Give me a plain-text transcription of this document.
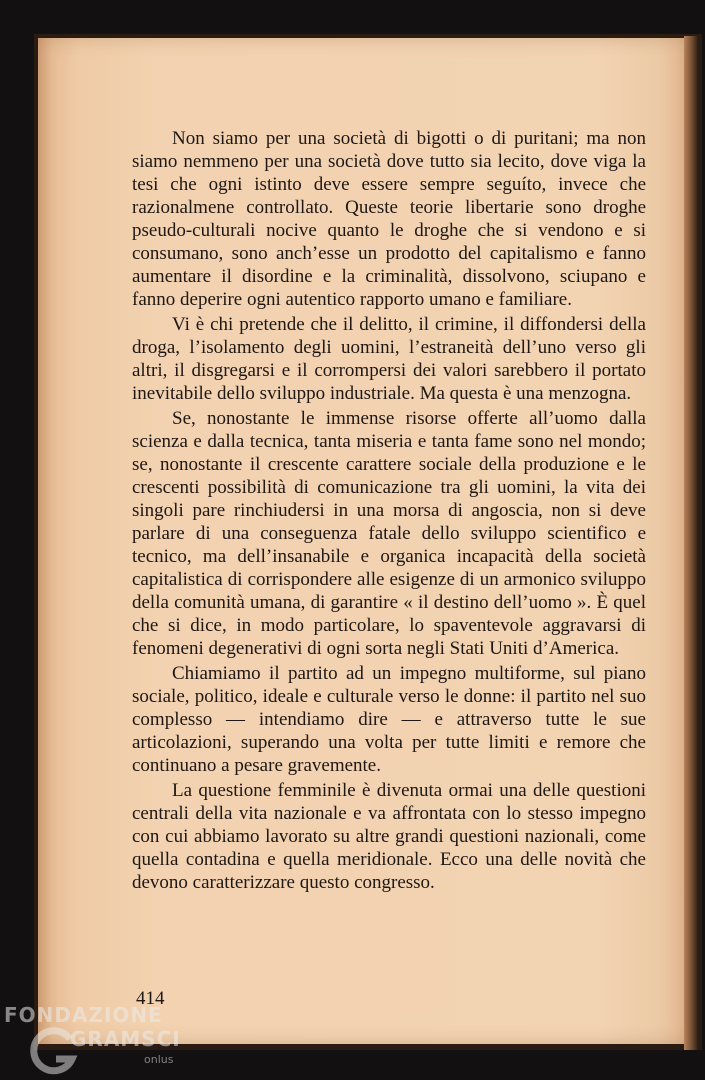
Non siamo per una società di bigotti o di puritani; ma non siamo nemmeno per una società dove tutto sia lecito, dove viga la tesi che ogni istinto deve essere sempre seguíto, invece che razionalmene controllato. Queste teorie libertarie sono droghe pseudo-culturali nocive quanto le droghe che si vendono e si consumano, sono anch’esse un prodotto del capitalismo e fanno aumentare il disordine e la criminalità, dissolvono, sciupano e fanno deperire ogni autentico rapporto umano e familiare.

Vi è chi pretende che il delitto, il crimine, il diffondersi della droga, l’isolamento degli uomini, l’estraneità dell’uno verso gli altri, il disgregarsi e il corrompersi dei valori sarebbero il portato inevitabile dello sviluppo industriale. Ma questa è una menzogna.

Se, nonostante le immense risorse offerte all’uomo dalla scienza e dalla tecnica, tanta miseria e tanta fame sono nel mondo; se, nonostante il crescente carattere sociale della produzione e le crescenti possibilità di comunicazione tra gli uomini, la vita dei singoli pare rinchiudersi in una morsa di angoscia, non si deve parlare di una conseguenza fatale dello sviluppo scientifico e tecnico, ma dell’insanabile e organica incapacità della società capitalistica di corrispondere alle esigenze di un armonico sviluppo della comunità umana, di garantire « il destino dell’uomo ». È quel che si dice, in modo particolare, lo spaventevole aggravarsi di fenomeni degenerativi di ogni sorta negli Stati Uniti d’America.

Chiamiamo il partito ad un impegno multiforme, sul piano sociale, politico, ideale e culturale verso le donne: il partito nel suo complesso — intendiamo dire — e attraverso tutte le sue articolazioni, superando una volta per tutte limiti e remore che continuano a pesare gravemente.

La questione femminile è divenuta ormai una delle questioni centrali della vita nazionale e va affrontata con lo stesso impegno con cui abbiamo lavorato su altre grandi questioni nazionali, come quella contadina e quella meridionale. Ecco una delle novità che devono caratterizzare questo congresso.

414
FONDAZIONE
GRAMSCI
onlus
